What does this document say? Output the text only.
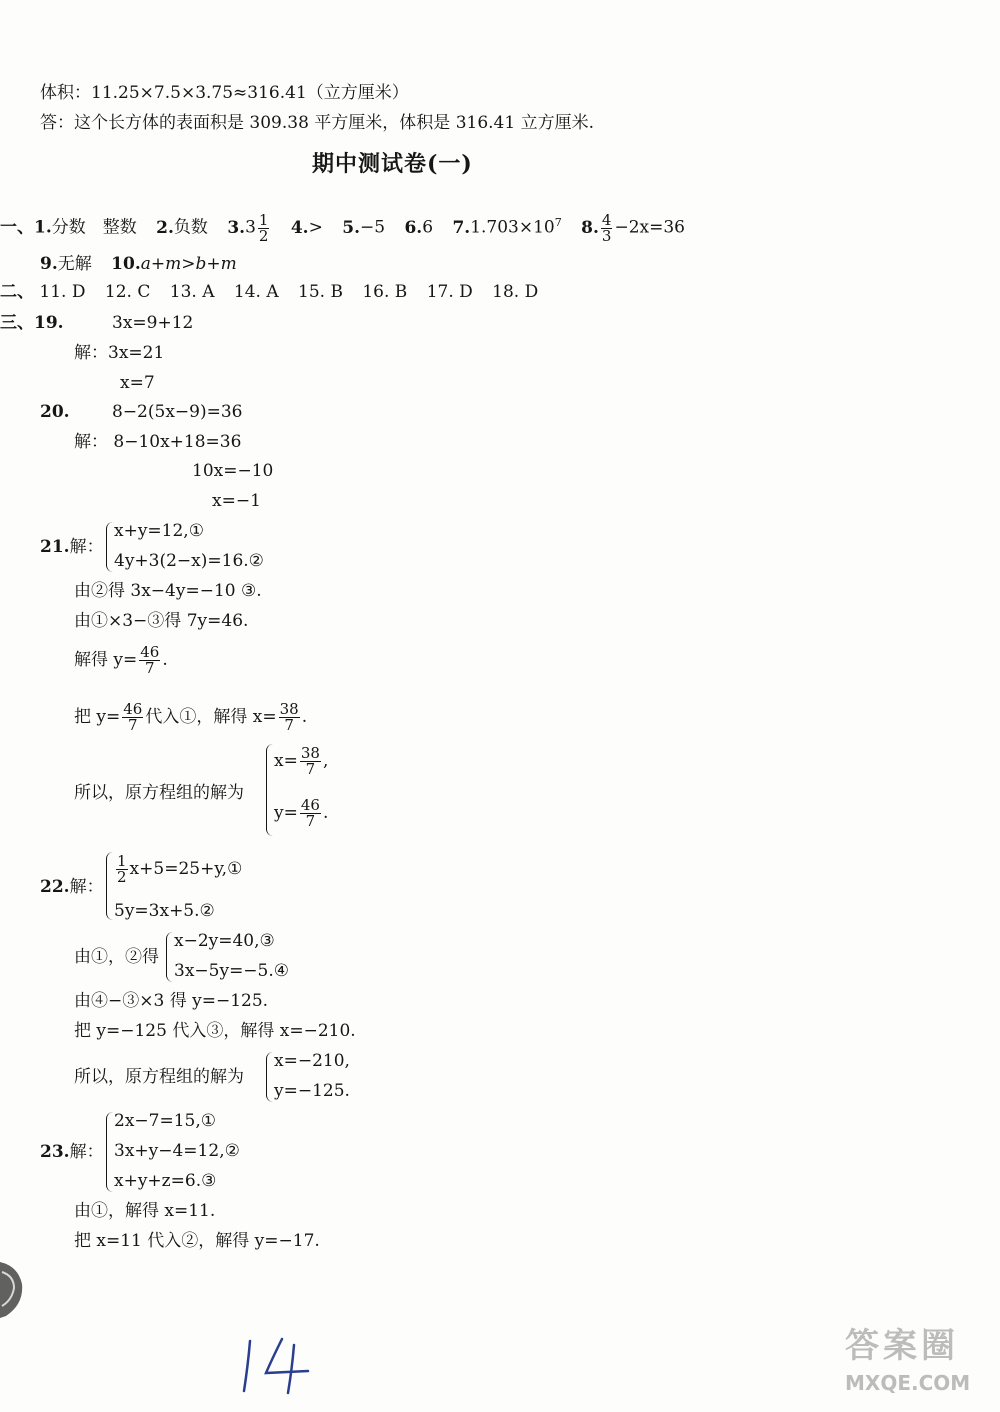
体积：11.25×7.5×3.75≈316.41（立方厘米）
答：这个长方体的表面积是 309.38 平方厘米，体积是 316.41 立方厘米.
期中测试卷(一)
一、1.分数　整数 2.负数 $3.3 \frac{1}{2} 4.> 5.-5$ 6.6 $7.1.703\times 10^7$ 8. $\frac{4}{3} -2x=36$
9.无解 10.a+m>b+m
二、 11. D 12. C 13. A 14. A 15. B 16. B 17. D 18. D
三、19.	3x=9+12
解：3x=21
x=7
20. 8−2(5x−9)=36
解： 8−10x+18=36
10x=−10
x=−1
21.解：
x+y=12,①
4y+3(2−x)=16.②
由②得 3x−4y=−10 ③.
由①×3−③得 7y=46.
解得 $y= \frac{46}{7}$ .
把 $y= \frac{46}{7}$ 代入①，解得 $x= \frac{38}{7}$ .
所以，原方程组的解为
$x= \frac{38}{7}$ ,
$y= \frac{46}{7}$ .
22.解：
$\frac{1}{2}$ x+5=25+y,①
5y=3x+5.②
由①，②得
x−2y=40,③
3x−5y=−5.④
由④−③×3 得 y=−125.
把 y=−125 代入③，解得 x=−210.
所以，原方程组的解为
x=−210,
y=−125.
23.解：
2x−7=15,①
3x+y−4=12,②
x+y+z=6.③
由①，解得 x=11.
把 x=11 代入②，解得 y=−17.
答案圈
MXQE.COM
